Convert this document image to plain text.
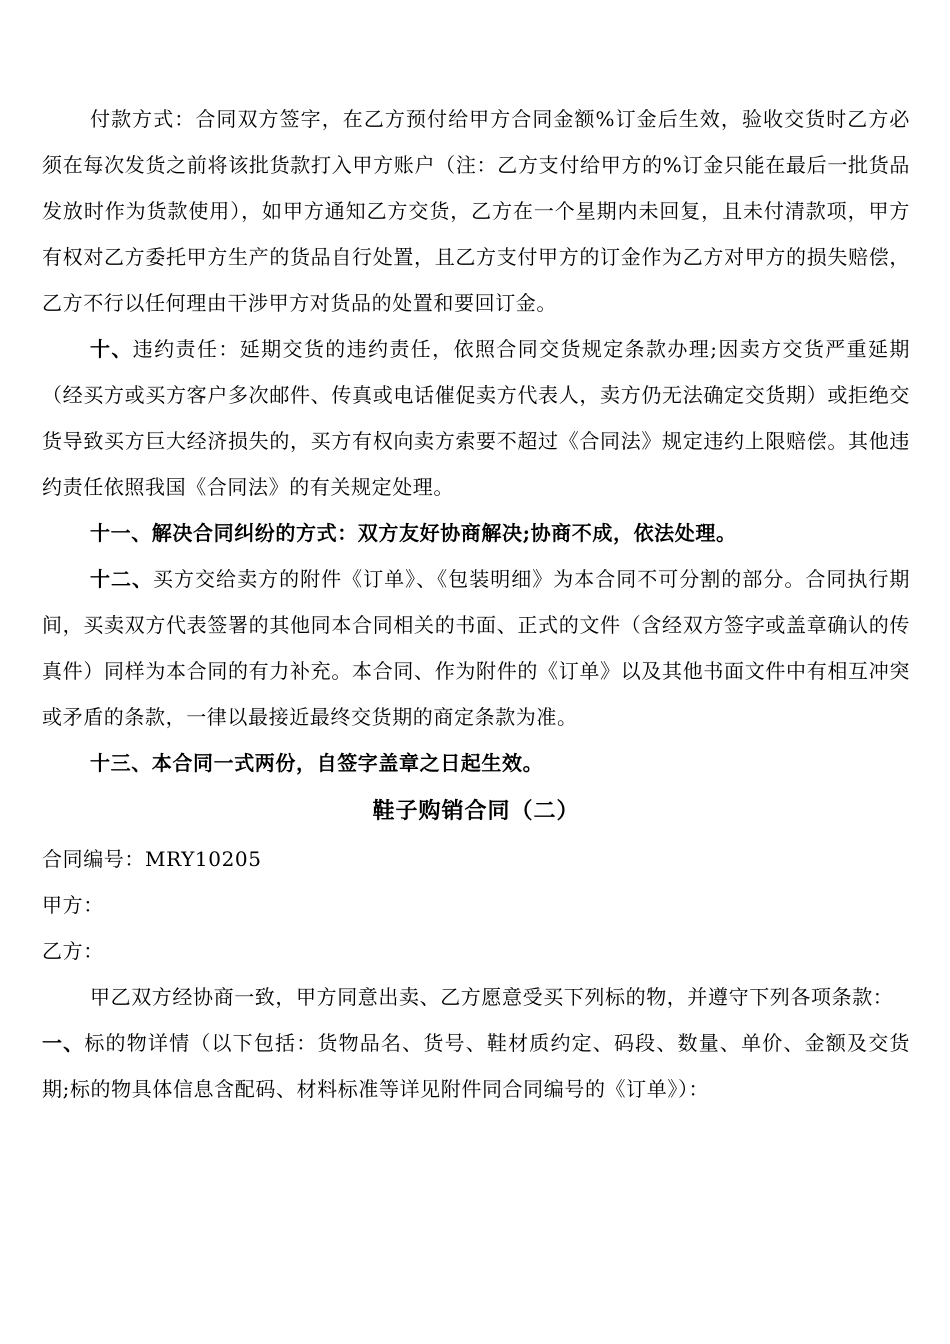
付款方式：合同双方签字，在乙方预付给甲方合同金额%订金后生效，验收交货时乙方必须在每次发货之前将该批货款打入甲方账户（注：乙方支付给甲方的%订金只能在最后一批货品发放时作为货款使用），如甲方通知乙方交货，乙方在一个星期内未回复，且未付清款项，甲方有权对乙方委托甲方生产的货品自行处置，且乙方支付甲方的订金作为乙方对甲方的损失赔偿，乙方不行以任何理由干涉甲方对货品的处置和要回订金。

十、违约责任：延期交货的违约责任，依照合同交货规定条款办理;因卖方交货严重延期（经买方或买方客户多次邮件、传真或电话催促卖方代表人，卖方仍无法确定交货期）或拒绝交货导致买方巨大经济损失的，买方有权向卖方索要不超过《合同法》规定违约上限赔偿。其他违约责任依照我国《合同法》的有关规定处理。

十一、解决合同纠纷的方式：双方友好协商解决;协商不成，依法处理。

十二、买方交给卖方的附件《订单》、《包装明细》为本合同不可分割的部分。合同执行期间，买卖双方代表签署的其他同本合同相关的书面、正式的文件（含经双方签字或盖章确认的传真件）同样为本合同的有力补充。本合同、作为附件的《订单》以及其他书面文件中有相互冲突或矛盾的条款，一律以最接近最终交货期的商定条款为准。

十三、本合同一式两份，自签字盖章之日起生效。

鞋子购销合同（二）

合同编号：MRY10205

甲方：

乙方：

甲乙双方经协商一致，甲方同意出卖、乙方愿意受买下列标的物，并遵守下列各项条款：

一、标的物详情（以下包括：货物品名、货号、鞋材质约定、码段、数量、单价、金额及交货期;标的物具体信息含配码、材料标准等详见附件同合同编号的《订单》）：
